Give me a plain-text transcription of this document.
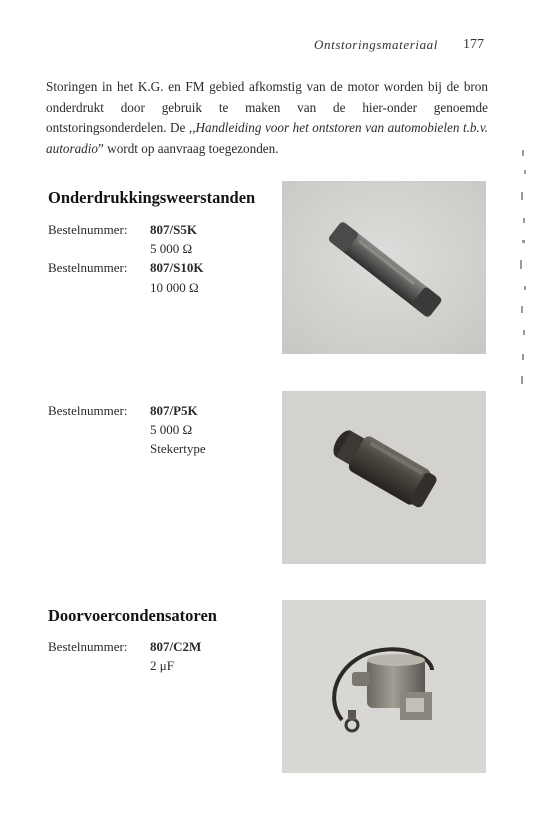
Ontstoringsmateriaal 177

Storingen in het K.G. en FM gebied afkomstig van de motor worden bij de bron onderdrukt door gebruik te maken van de hier-onder genoemde ontstoringsonderdelen. De ,,Handleiding voor het ontstoren van automobielen t.b.v. autoradio” wordt op aanvraag toegezonden.

Onderdrukkingsweerstanden
Bestelnummer: 807/S5K
5 000 Ω
Bestelnummer: 807/S10K
10 000 Ω
Bestelnummer: 807/P5K
5 000 Ω
Stekertype
Doorvoercondensatoren
Bestelnummer: 807/C2M
2 μF
